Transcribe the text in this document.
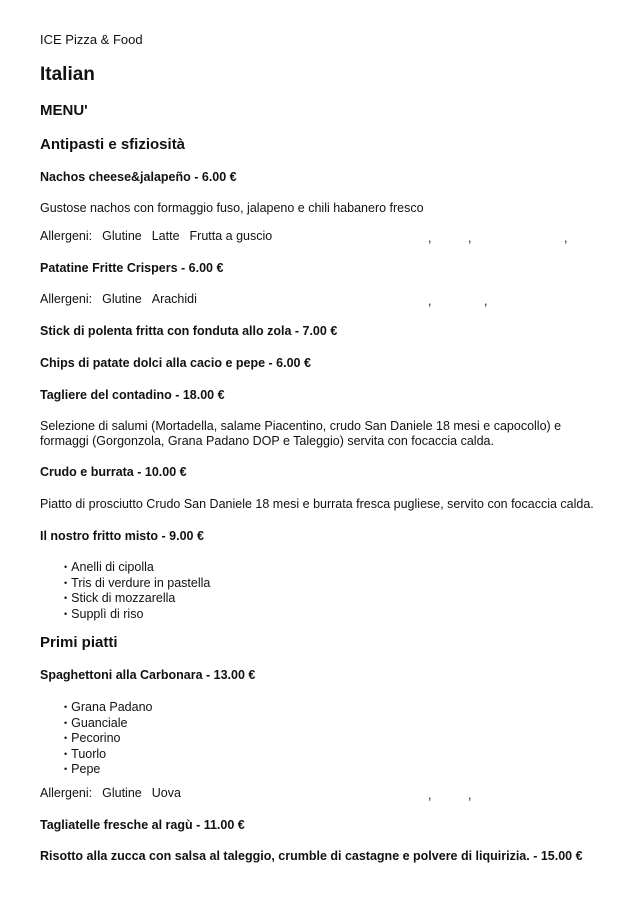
ICE Pizza & Food
Italian
MENU'
Antipasti e sfiziosità
Nachos cheese&jalapeño - 6.00 €
Gustose nachos con formaggio fuso, jalapeno e chili habanero fresco
Allergeni: Glutine Latte Frutta a guscio	,	,	,
Patatine Fritte Crispers - 6.00 €
Allergeni: Glutine Arachidi	,	,
Stick di polenta fritta con fonduta allo zola - 7.00 €
Chips di patate dolci alla cacio e pepe - 6.00 €
Tagliere del contadino - 18.00 €
Selezione di salumi (Mortadella, salame Piacentino, crudo San Daniele 18 mesi e capocollo) e formaggi (Gorgonzola, Grana Padano DOP e Taleggio) servita con focaccia calda.
Crudo e burrata - 10.00 €
Piatto di prosciutto Crudo San Daniele 18 mesi e burrata fresca pugliese, servito con focaccia calda.
Il nostro fritto misto - 9.00 €
• Anelli di cipolla
• Tris di verdure in pastella
• Stick di mozzarella
• Supplì di riso
Primi piatti
Spaghettoni alla Carbonara - 13.00 €
• Grana Padano
• Guanciale
• Pecorino
• Tuorlo
• Pepe
Allergeni: Glutine Uova	,	,
Tagliatelle fresche al ragù - 11.00 €
Risotto alla zucca con salsa al taleggio, crumble di castagne e polvere di liquirizia. - 15.00 €
